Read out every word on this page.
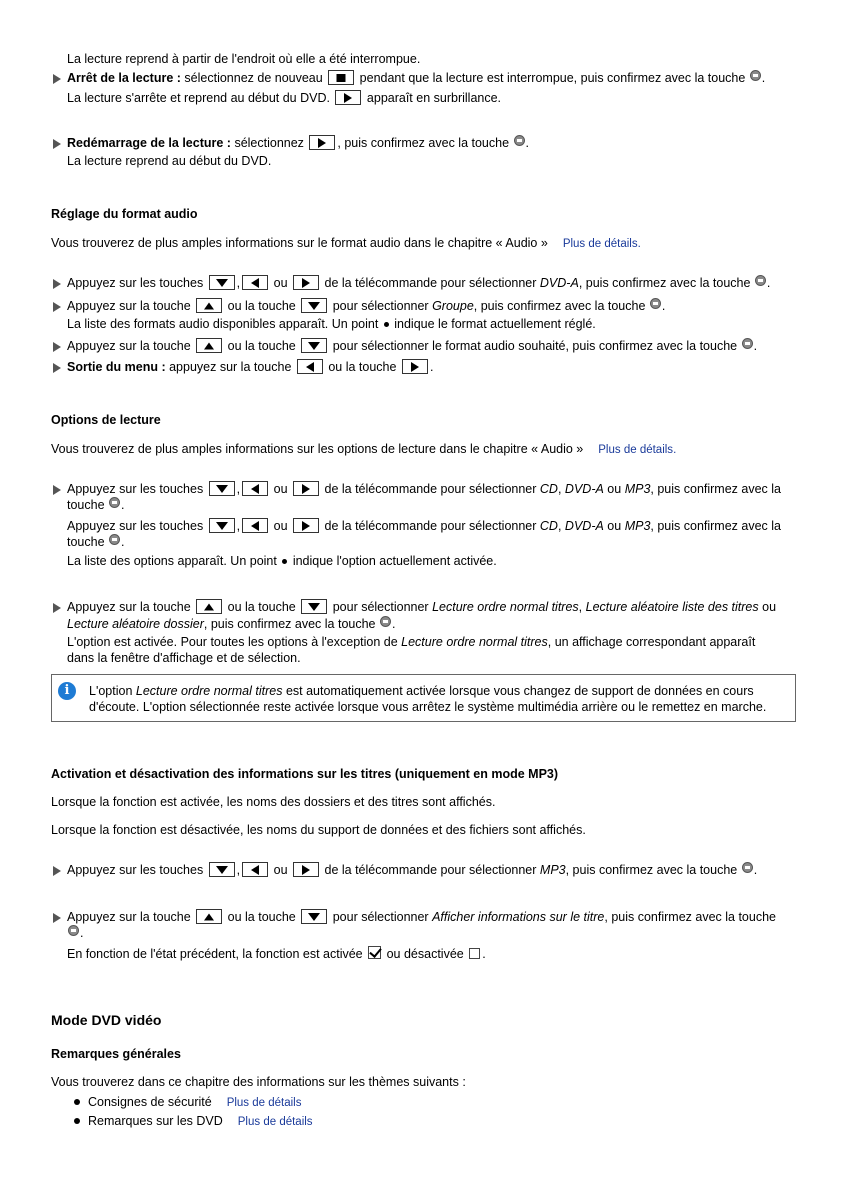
La lecture reprend à partir de l'endroit où elle a été interrompue.
Arrêt de la lecture : sélectionnez de nouveau  pendant que la lecture est interrompue, puis confirmez avec la touche .
La lecture s'arrête et reprend au début du DVD.  apparaît en surbrillance.
Redémarrage de la lecture : sélectionnez , puis confirmez avec la touche .
La lecture reprend au début du DVD.
Réglage du format audio
Vous trouverez de plus amples informations sur le format audio dans le chapitre « Audio » Plus de détails.
Appuyez sur les touches , ou  de la télécommande pour sélectionner DVD-A, puis confirmez avec la touche .
Appuyez sur la touche  ou la touche  pour sélectionner Groupe, puis confirmez avec la touche .
La liste des formats audio disponibles apparaît. Un point  indique le format actuellement réglé.
Appuyez sur la touche  ou la touche  pour sélectionner le format audio souhaité, puis confirmez avec la touche .
Sortie du menu : appuyez sur la touche  ou la touche .
Options de lecture
Vous trouverez de plus amples informations sur les options de lecture dans le chapitre « Audio » Plus de détails.
Appuyez sur les touches , ou  de la télécommande pour sélectionner CD, DVD-A ou MP3, puis confirmez avec la
touche .
Appuyez sur les touches , ou  de la télécommande pour sélectionner CD, DVD-A ou MP3, puis confirmez avec la
touche .
La liste des options apparaît. Un point  indique l'option actuellement activée.
Appuyez sur la touche  ou la touche  pour sélectionner Lecture ordre normal titres, Lecture aléatoire liste des titres ou
Lecture aléatoire dossier, puis confirmez avec la touche .
L'option est activée. Pour toutes les options à l'exception de Lecture ordre normal titres, un affichage correspondant apparaît
dans la fenêtre d'affichage et de sélection.
i	L'option Lecture ordre normal titres est automatiquement activée lorsque vous changez de support de données en cours
d'écoute. L'option sélectionnée reste activée lorsque vous arrêtez le système multimédia arrière ou le remettez en marche.
Activation et désactivation des informations sur les titres (uniquement en mode MP3)
Lorsque la fonction est activée, les noms des dossiers et des titres sont affichés.
Lorsque la fonction est désactivée, les noms du support de données et des fichiers sont affichés.
Appuyez sur les touches , ou  de la télécommande pour sélectionner MP3, puis confirmez avec la touche .
Appuyez sur la touche  ou la touche  pour sélectionner Afficher informations sur le titre, puis confirmez avec la touche
.
En fonction de l'état précédent, la fonction est activée  ou désactivée .
Mode DVD vidéo
Remarques générales
Vous trouverez dans ce chapitre des informations sur les thèmes suivants :
Consignes de sécurité Plus de détails
Remarques sur les DVD Plus de détails
